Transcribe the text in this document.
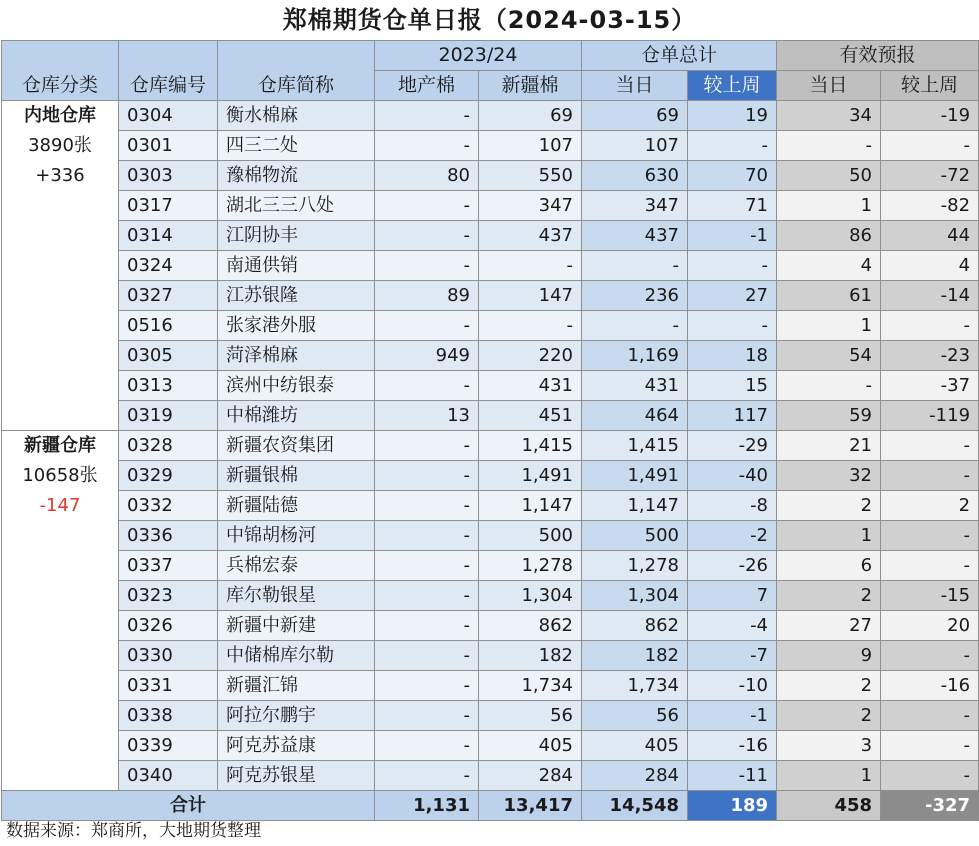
郑棉期货仓单日报（2024-03-15）
仓库分类	仓库编号	仓库简称	2023/24		仓单总计		有效预报	
			地产棉	新疆棉	当日	较上周	当日	较上周

内地仓库
3890张
+336	0304	衡水棉麻	-	69	69	19	34	-19
	0301	四三二处	-	107	107	-	-	-
	0303	豫棉物流	80	550	630	70	50	-72
	0317	湖北三三八处	-	347	347	71	1	-82
	0314	江阴协丰	-	437	437	-1	86	44
	0324	南通供销	-	-	-	-	4	4
	0327	江苏银隆	89	147	236	27	61	-14
	0516	张家港外服	-	-	-	-	1	-
	0305	菏泽棉麻	949	220	1,169	18	54	-23
	0313	滨州中纺银泰	-	431	431	15	-	-37
	0319	中棉潍坊	13	451	464	117	59	-119

新疆仓库
10658张
-147	0328	新疆农资集团	-	1,415	1,415	-29	21	-
	0329	新疆银棉	-	1,491	1,491	-40	32	-
	0332	新疆陆德	-	1,147	1,147	-8	2	2
	0336	中锦胡杨河	-	500	500	-2	1	-
	0337	兵棉宏泰	-	1,278	1,278	-26	6	-
	0323	库尔勒银星	-	1,304	1,304	7	2	-15
	0326	新疆中新建	-	862	862	-4	27	20
	0330	中储棉库尔勒	-	182	182	-7	9	-
	0331	新疆汇锦	-	1,734	1,734	-10	2	-16
	0338	阿拉尔鹏宇	-	56	56	-1	2	-
	0339	阿克苏益康	-	405	405	-16	3	-
	0340	阿克苏银星	-	284	284	-11	1	-
合计			1,131	13,417	14,548	189	458	-327
数据来源：郑商所，大地期货整理
